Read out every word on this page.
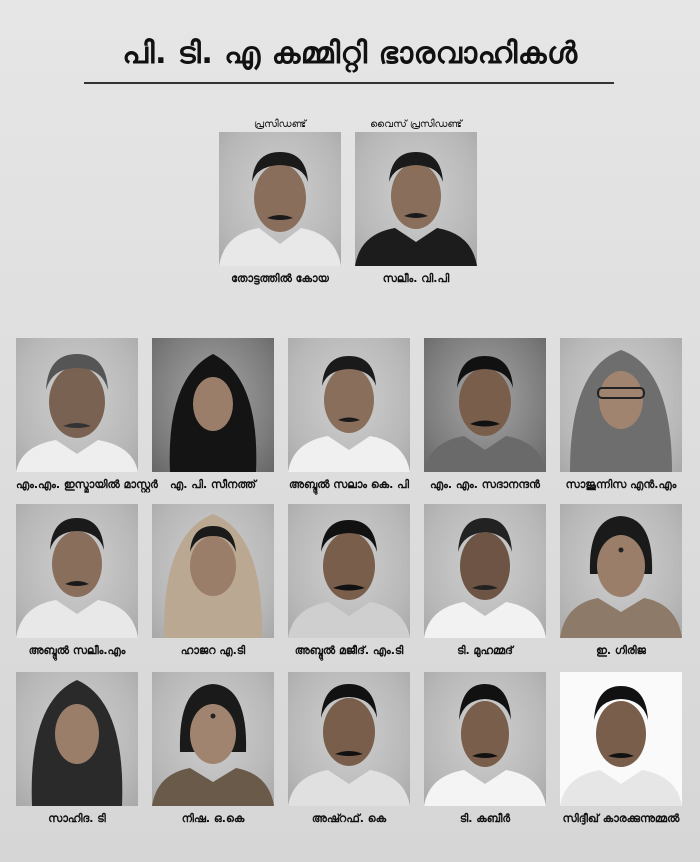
പി. ടി. എ കമ്മിറ്റി ഭാരവാഹികൾ
പ്രസിഡണ്ട്
തോട്ടത്തിൽ കോയ
വൈസ് പ്രസിഡണ്ട്
സലീം. വി.പി
എം.എം. ഇസ്മായിൽ മാസ്റ്റർ	എ. പി. സീനത്ത്	അബ്ദുൽ സലാം കെ. പി	എം. എം. സദാനന്ദൻ	സാജുന്നിസ എൻ.എം
അബ്ദുൽ സലീം.എം	ഹാജറ എ.ടി	അബ്ദുൽ മജീദ്. എം.ടി	ടി. മുഹമ്മദ്	ഇ. ഗിരിജ
സാഹിദ. ടി	നിഷ. ഒ.കെ	അഷ്റഫ്. കെ	ടി. കബീർ	സിദ്ദീഖ് കാരക്കുന്നുമ്മൽ
